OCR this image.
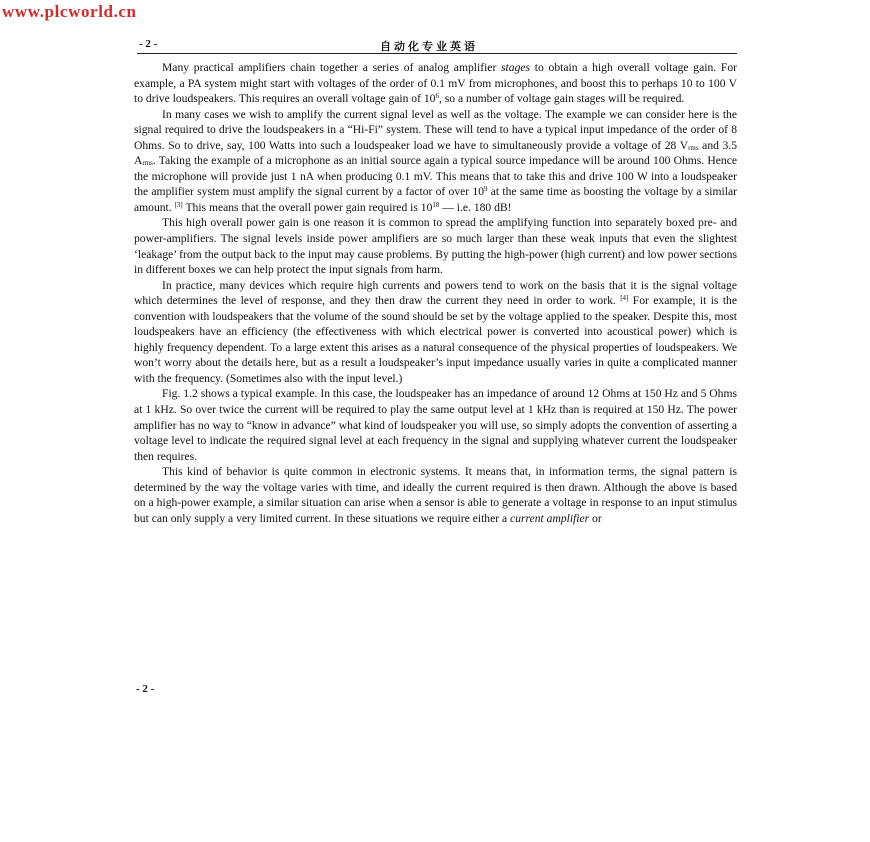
www.plcworld.cn
- 2 -	自动化专业英语

Many practical amplifiers chain together a series of analog amplifier stages to obtain a high overall voltage gain. For example, a PA system might start with voltages of the order of 0.1 mV from microphones, and boost this to perhaps 10 to 100 V to drive loudspeakers. This requires an overall voltage gain of $10^6$, so a number of voltage gain stages will be required.

In many cases we wish to amplify the current signal level as well as the voltage. The example we can consider here is the signal required to drive the loudspeakers in a “Hi-Fi” system. These will tend to have a typical input impedance of the order of 8 Ohms. So to drive, say, 100 Watts into such a loudspeaker load we have to simultaneously provide a voltage of 28 $V_{rms}$ and 3.5 $A_{rms}$. Taking the example of a microphone as an initial source again a typical source impedance will be around 100 Ohms. Hence the microphone will provide just 1 nA when producing 0.1 mV. This means that to take this and drive 100 W into a loudspeaker the amplifier system must amplify the signal current by a factor of over $10^9$ at the same time as boosting the voltage by a similar amount. [3] This means that the overall power gain required is $10^{18}$ — i.e. 180 dB!

This high overall power gain is one reason it is common to spread the amplifying function into separately boxed pre- and power-amplifiers. The signal levels inside power amplifiers are so much larger than these weak inputs that even the slightest ‘leakage’ from the output back to the input may cause problems. By putting the high-power (high current) and low power sections in different boxes we can help protect the input signals from harm.

In practice, many devices which require high currents and powers tend to work on the basis that it is the signal voltage which determines the level of response, and they then draw the current they need in order to work. [4] For example, it is the convention with loudspeakers that the volume of the sound should be set by the voltage applied to the speaker. Despite this, most loudspeakers have an efficiency (the effectiveness with which electrical power is converted into acoustical power) which is highly frequency dependent. To a large extent this arises as a natural consequence of the physical properties of loudspeakers. We won’t worry about the details here, but as a result a loudspeaker’s input impedance usually varies in quite a complicated manner with the frequency. (Sometimes also with the input level.)

Fig. 1.2 shows a typical example. In this case, the loudspeaker has an impedance of around 12 Ohms at 150 Hz and 5 Ohms at 1 kHz. So over twice the current will be required to play the same output level at 1 kHz than is required at 150 Hz. The power amplifier has no way to “know in advance” what kind of loudspeaker you will use, so simply adopts the convention of asserting a voltage level to indicate the required signal level at each frequency in the signal and supplying whatever current the loudspeaker then requires.

This kind of behavior is quite common in electronic systems. It means that, in information terms, the signal pattern is determined by the way the voltage varies with time, and ideally the current required is then drawn. Although the above is based on a high-power example, a similar situation can arise when a sensor is able to generate a voltage in response to an input stimulus but can only supply a very limited current. In these situations we require either a current amplifier or

- 2 -
